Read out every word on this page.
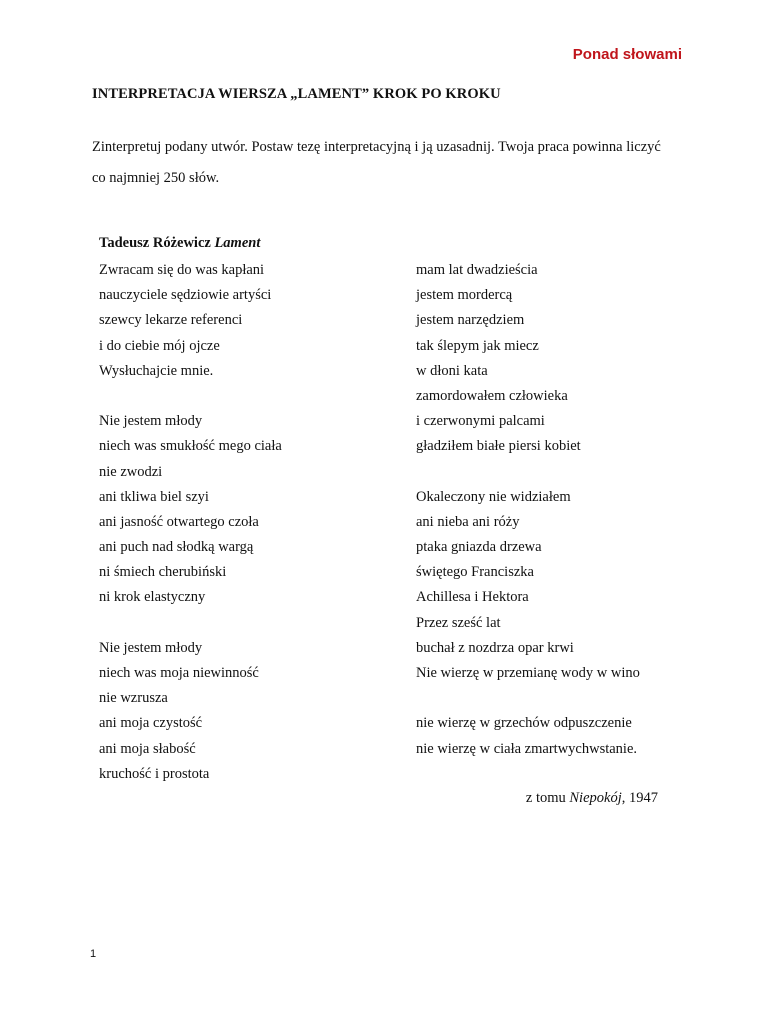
Ponad słowami
INTERPRETACJA WIERSZA „LAMENT” KROK PO KROKU
Zinterpretuj podany utwór. Postaw tezę interpretacyjną i ją uzasadnij. Twoja praca powinna liczyć co najmniej 250 słów.
Tadeusz Różewicz Lament
Zwracam się do was kapłani
nauczyciele sędziowie artyści
szewcy lekarze referenci
i do ciebie mój ojcze
Wysłuchajcie mnie.
Nie jestem młody
niech was smukłość mego ciała
nie zwodzi
ani tkliwa biel szyi
ani jasność otwartego czoła
ani puch nad słodką wargą
ni śmiech cherubiński
ni krok elastyczny
Nie jestem młody
niech was moja niewinność
nie wzrusza
ani moja czystość
ani moja słabość
kruchość i prostota
mam lat dwadzieścia
jestem mordercą
jestem narzędziem
tak ślepym jak miecz
w dłoni kata
zamordowałem człowieka
i czerwonymi palcami
gładziłem białe piersi kobiet
Okaleczony nie widziałem
ani nieba ani róży
ptaka gniazda drzewa
świętego Franciszka
Achillesa i Hektora
Przez sześć lat
buchał z nozdrza opar krwi
Nie wierzę w przemianę wody w wino
nie wierzę w grzechów odpuszczenie
nie wierzę w ciała zmartwychwstanie.
z tomu Niepokój, 1947
1
